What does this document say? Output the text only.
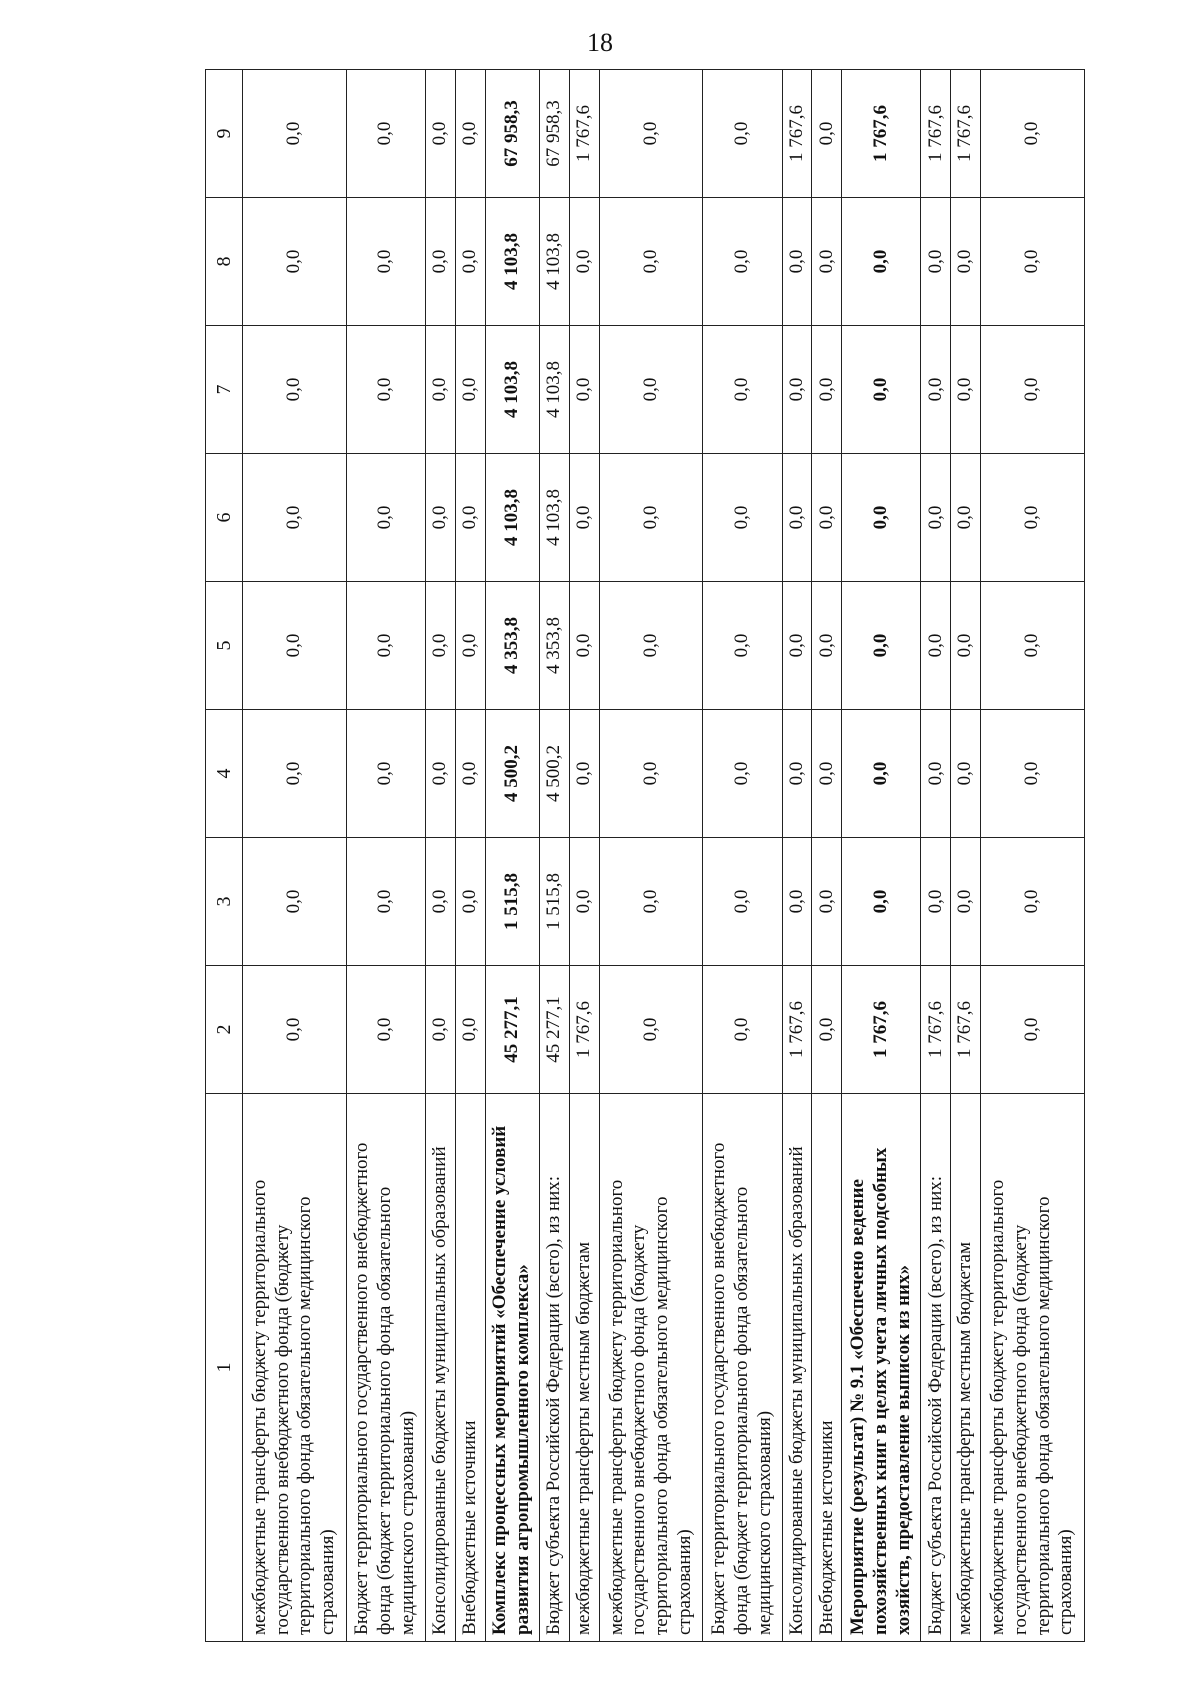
18
1	2	3	4	5	6	7	8	9
межбюджетные трансферты бюджету территориального государственного внебюджетного фонда (бюджету территориального фонда обязательного медицинского страхования)	0,0	0,0	0,0	0,0	0,0	0,0	0,0	0,0
Бюджет территориального государственного внебюджетного фонда (бюджет территориального фонда обязательного медицинского страхования)	0,0	0,0	0,0	0,0	0,0	0,0	0,0	0,0
Консолидированные бюджеты муниципальных образований	0,0	0,0	0,0	0,0	0,0	0,0	0,0	0,0
Внебюджетные источники	0,0	0,0	0,0	0,0	0,0	0,0	0,0	0,0
Комплекс процессных мероприятий «Обеспечение условий развития агропромышленного комплекса»	45 277,1	1 515,8	4 500,2	4 353,8	4 103,8	4 103,8	4 103,8	67 958,3
Бюджет субъекта Российской Федерации (всего), из них:	45 277,1	1 515,8	4 500,2	4 353,8	4 103,8	4 103,8	4 103,8	67 958,3
межбюджетные трансферты местным бюджетам	1 767,6	0,0	0,0	0,0	0,0	0,0	0,0	1 767,6
межбюджетные трансферты бюджету территориального государственного внебюджетного фонда (бюджету территориального фонда обязательного медицинского страхования)	0,0	0,0	0,0	0,0	0,0	0,0	0,0	0,0
Бюджет территориального государственного внебюджетного фонда (бюджет территориального фонда обязательного медицинского страхования)	0,0	0,0	0,0	0,0	0,0	0,0	0,0	0,0
Консолидированные бюджеты муниципальных образований	1 767,6	0,0	0,0	0,0	0,0	0,0	0,0	1 767,6
Внебюджетные источники	0,0	0,0	0,0	0,0	0,0	0,0	0,0	0,0
Мероприятие (результат) № 9.1 «Обеспечено ведение похозяйственных книг в целях учета личных подсобных хозяйств, предоставление выписок из них»	1 767,6	0,0	0,0	0,0	0,0	0,0	0,0	1 767,6
Бюджет субъекта Российской Федерации (всего), из них:	1 767,6	0,0	0,0	0,0	0,0	0,0	0,0	1 767,6
межбюджетные трансферты местным бюджетам	1 767,6	0,0	0,0	0,0	0,0	0,0	0,0	1 767,6
межбюджетные трансферты бюджету территориального государственного внебюджетного фонда (бюджету территориального фонда обязательного медицинского страхования)	0,0	0,0	0,0	0,0	0,0	0,0	0,0	0,0
